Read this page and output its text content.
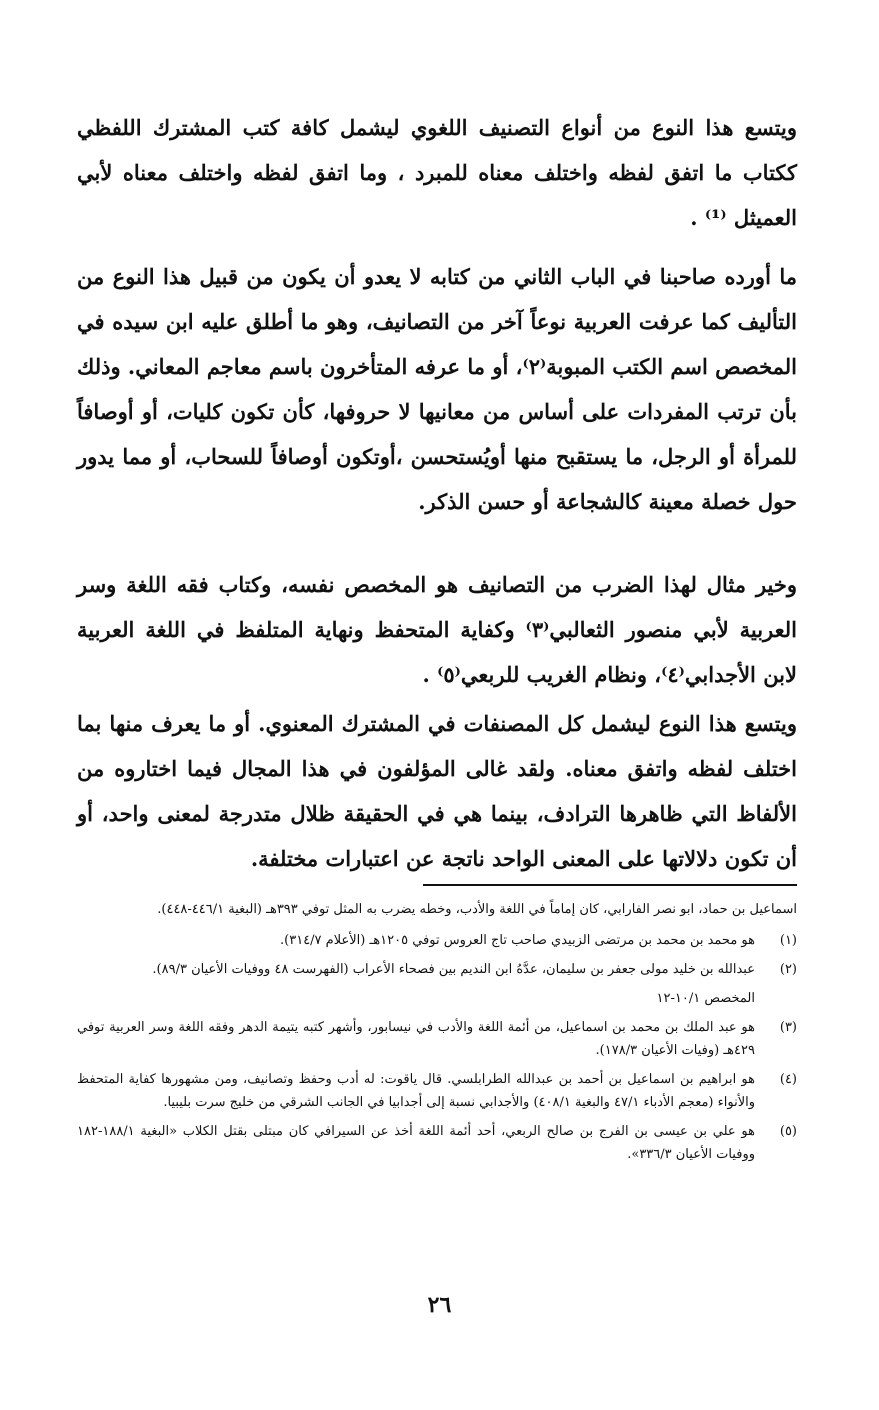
ويتسع هذا النوع من أنواع التصنيف اللغوي ليشمل كافة كتب المشترك اللفظي ككتاب ما اتفق لفظه واختلف معناه للمبرد ، وما اتفق لفظه واختلف معناه لأبي العميثل ⁽¹⁾ .

ما أورده صاحبنا في الباب الثاني من كتابه لا يعدو أن يكون من قبيل هذا النوع من التأليف كما عرفت العربية نوعاً آخر من التصانيف، وهو ما أطلق عليه ابن سيده في المخصص اسم الكتب المبوبة⁽٢⁾، أو ما عرفه المتأخرون باسم معاجم المعاني. وذلك بأن ترتب المفردات على أساس من معانيها لا حروفها، كأن تكون كليات، أو أوصافاً للمرأة أو الرجل، ما يستقبح منها أويُستحسن ،أوتكون أوصافاً للسحاب، أو مما يدور حول خصلة معينة كالشجاعة أو حسن الذكر.

وخير مثال لهذا الضرب من التصانيف هو المخصص نفسه، وكتاب فقه اللغة وسر العربية لأبي منصور الثعالبي⁽٣⁾ وكفاية المتحفظ ونهاية المتلفظ في اللغة العربية لابن الأجدابي⁽٤⁾، ونظام الغريب للربعي⁽٥⁾ .

ويتسع هذا النوع ليشمل كل المصنفات في المشترك المعنوي. أو ما يعرف منها بما اختلف لفظه واتفق معناه. ولقد غالى المؤلفون في هذا المجال فيما اختاروه من الألفاظ التي ظاهرها الترادف، بينما هي في الحقيقة ظلال متدرجة لمعنى واحد، أو أن تكون دلالاتها على المعنى الواحد ناتجة عن اعتبارات مختلفة.

اسماعيل بن حماد، ابو نصر الفارابي، كان إماماً في اللغة والأدب، وخطه يضرب به المثل توفي ٣٩٣هـ (البغية ٤٤٦/١-٤٤٨).
(١)
هو محمد بن محمد بن مرتضى الزبيدي صاحب تاج العروس توفي ١٢٠٥هـ (الأعلام ٣١٤/٧).
(٢)
عبدالله بن خليد مولى جعفر بن سليمان، عدَّهُ ابن النديم بين فصحاء الأعراب (الفهرست ٤٨ ووفيات الأعيان ٨٩/٣).
المخصص ١٠/١-١٢
(٣)
هو عبد الملك بن محمد بن اسماعيل، من أئمة اللغة والأدب في نيسابور، وأشهر كتبه يتيمة الدهر وفقه اللغة وسر العربية توفي ٤٢٩هـ (وفيات الأعيان ١٧٨/٣).
(٤)
هو ابراهيم بن اسماعيل بن أحمد بن عبدالله الطرابلسي. قال ياقوت: له أدب وحفظ وتصانيف، ومن مشهورها كفاية المتحفظ والأنواء (معجم الأدباء ٤٧/١ والبغية ٤٠٨/١) والأجدابي نسبة إلى أجدابيا في الجانب الشرقي من خليج سرت بليبيا.
(٥)
هو علي بن عيسى بن الفرج بن صالح الربعي، أحد أئمة اللغة أخذ عن السيرافي كان مبتلى بقتل الكلاب «البغية ١٨٨/١-١٨٢ ووفيات الأعيان ٣٣٦/٣».
٢٦
